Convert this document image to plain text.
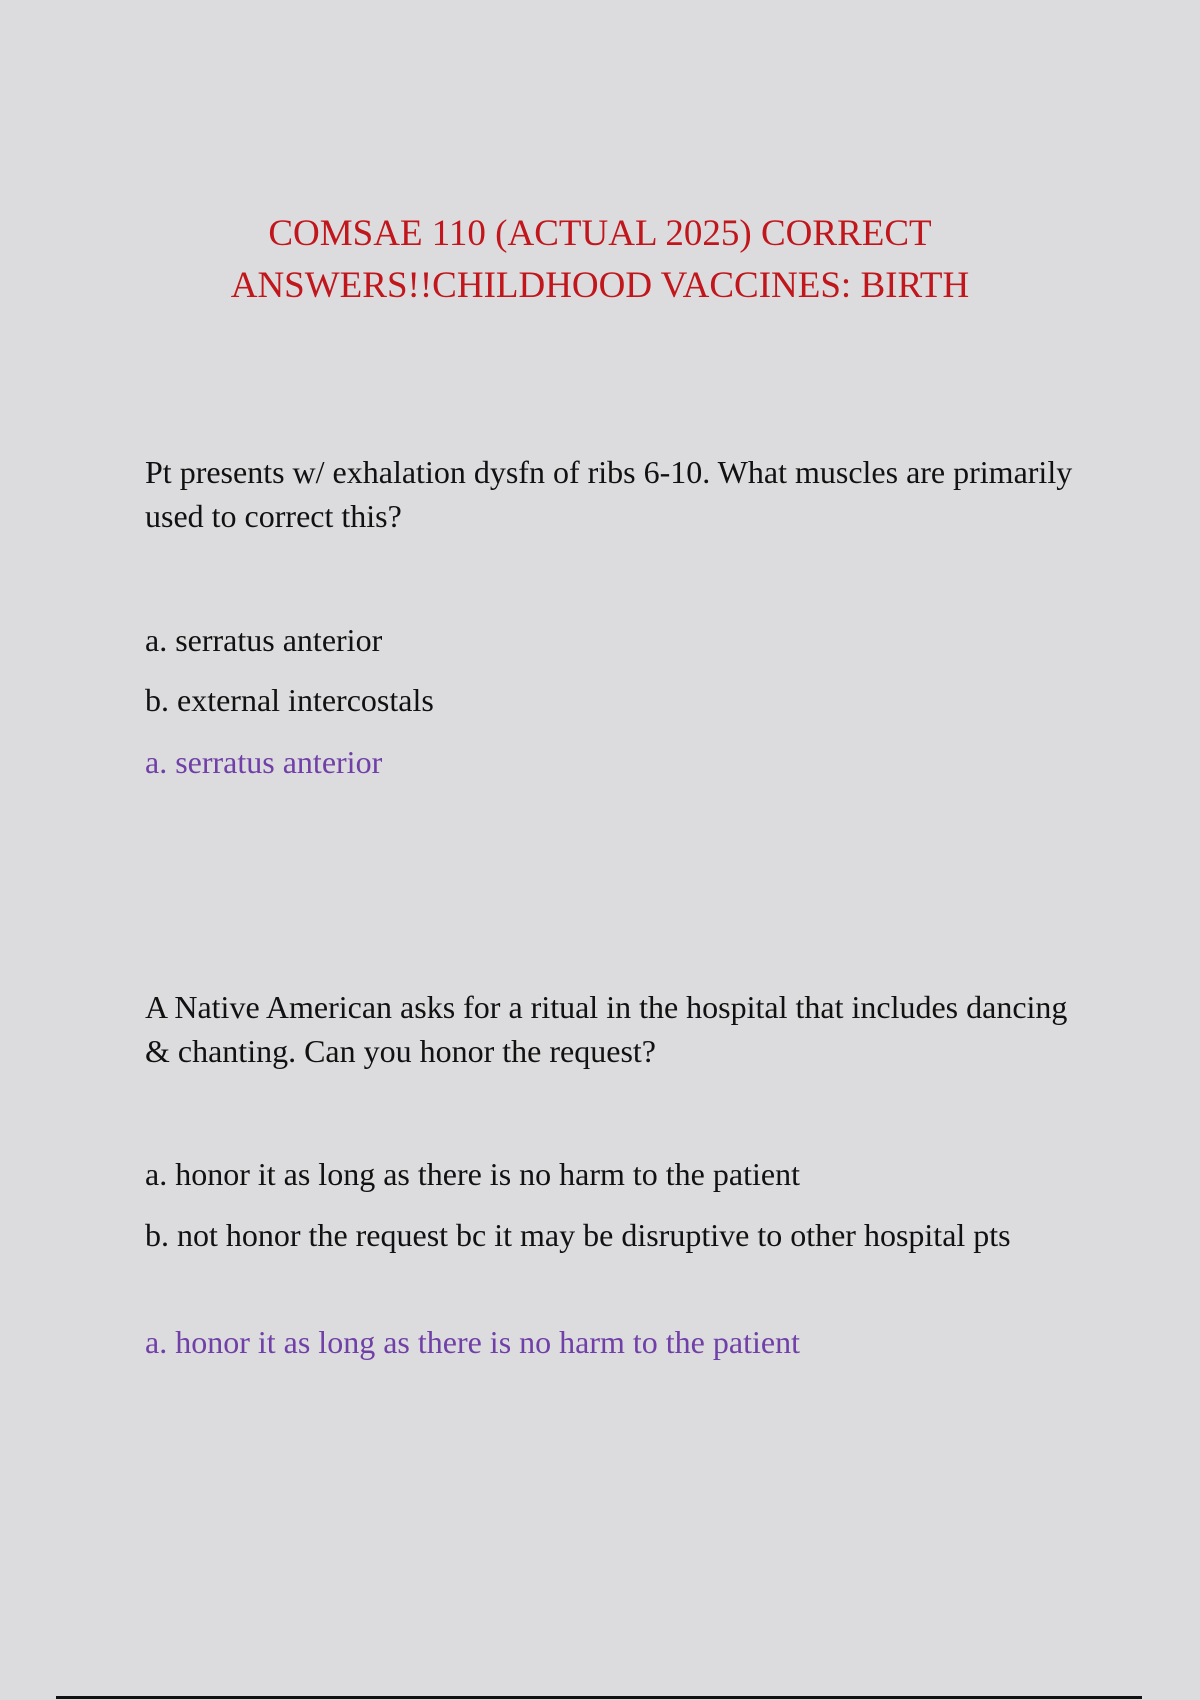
COMSAE 110 (ACTUAL 2025) CORRECT
ANSWERS!!CHILDHOOD VACCINES: BIRTH
Pt presents w/ exhalation dysfn of ribs 6-10. What muscles are primarily used to correct this?
a. serratus anterior
b. external intercostals
a. serratus anterior
A Native American asks for a ritual in the hospital that includes dancing & chanting. Can you honor the request?
a. honor it as long as there is no harm to the patient
b. not honor the request bc it may be disruptive to other hospital pts
a. honor it as long as there is no harm to the patient
